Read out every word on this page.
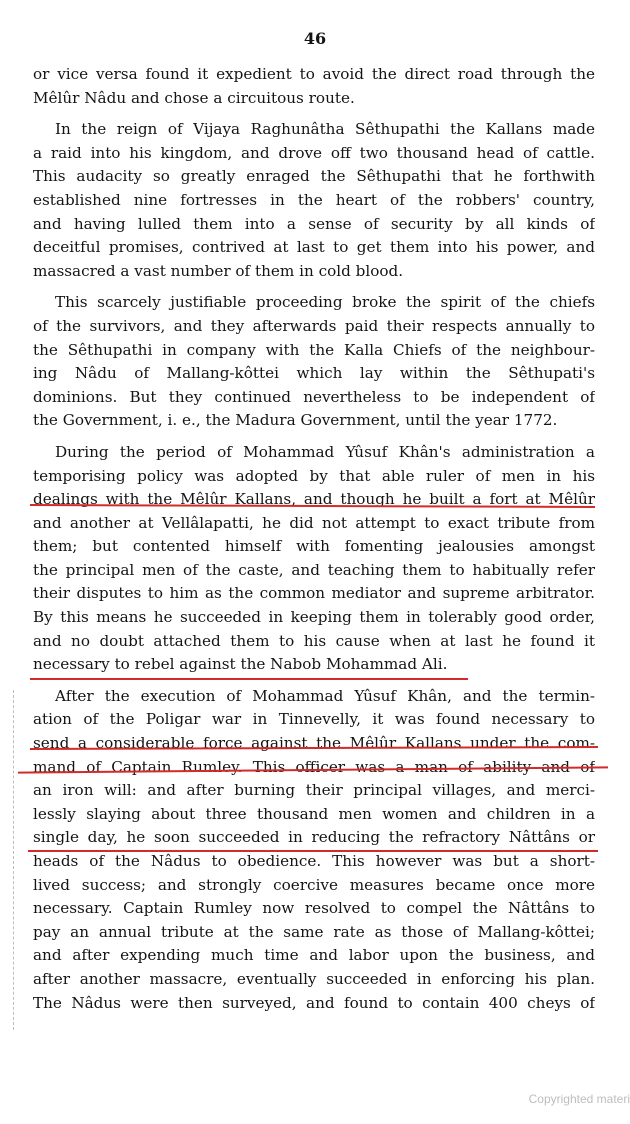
46
or vice versa found it expedient to avoid the direct road through the
Mêlûr Nâdu and chose a circuitous route.
In the reign of Vijaya Raghunâtha Sêthupathi the Kallans made
a raid into his kingdom, and drove off two thousand head of cattle.
This audacity so greatly enraged the Sêthupathi that he forthwith
established nine fortresses in the heart of the robbers' country,
and having lulled them into a sense of security by all kinds of
deceitful promises, contrived at last to get them into his power, and
massacred a vast number of them in cold blood.
This scarcely justifiable proceeding broke the spirit of the chiefs
of the survivors, and they afterwards paid their respects annually to
the Sêthupathi in company with the Kalla Chiefs of the neighbour-
ing Nâdu of Mallang-kôttei which lay within the Sêthupati's
dominions. But they continued nevertheless to be independent of
the Government, i. e., the Madura Government, until the year 1772.
During the period of Mohammad Yûsuf Khân's administration a
temporising policy was adopted by that able ruler of men in his
dealings with the Mêlûr Kallans, and though he built a fort at Mêlûr
and another at Vellâlapatti, he did not attempt to exact tribute from
them; but contented himself with fomenting jealousies amongst
the principal men of the caste, and teaching them to habitually refer
their disputes to him as the common mediator and supreme arbitrator.
By this means he succeeded in keeping them in tolerably good order,
and no doubt attached them to his cause when at last he found it
necessary to rebel against the Nabob Mohammad Ali.
After the execution of Mohammad Yûsuf Khân, and the termin-
ation of the Poligar war in Tinnevelly, it was found necessary to
send a considerable force against the Mêlûr Kallans under the com-
mand of Captain Rumley. This officer was a man of ability and of
an iron will: and after burning their principal villages, and merci-
lessly slaying about three thousand men women and children in a
single day, he soon succeeded in reducing the refractory Nâttâns or
heads of the Nâdus to obedience. This however was but a short-
lived success; and strongly coercive measures became once more
necessary. Captain Rumley now resolved to compel the Nâttâns to
pay an annual tribute at the same rate as those of Mallang-kôttei;
and after expending much time and labor upon the business, and
after another massacre, eventually succeeded in enforcing his plan.
The Nâdus were then surveyed, and found to contain 400 cheys of
Copyrighted materi
